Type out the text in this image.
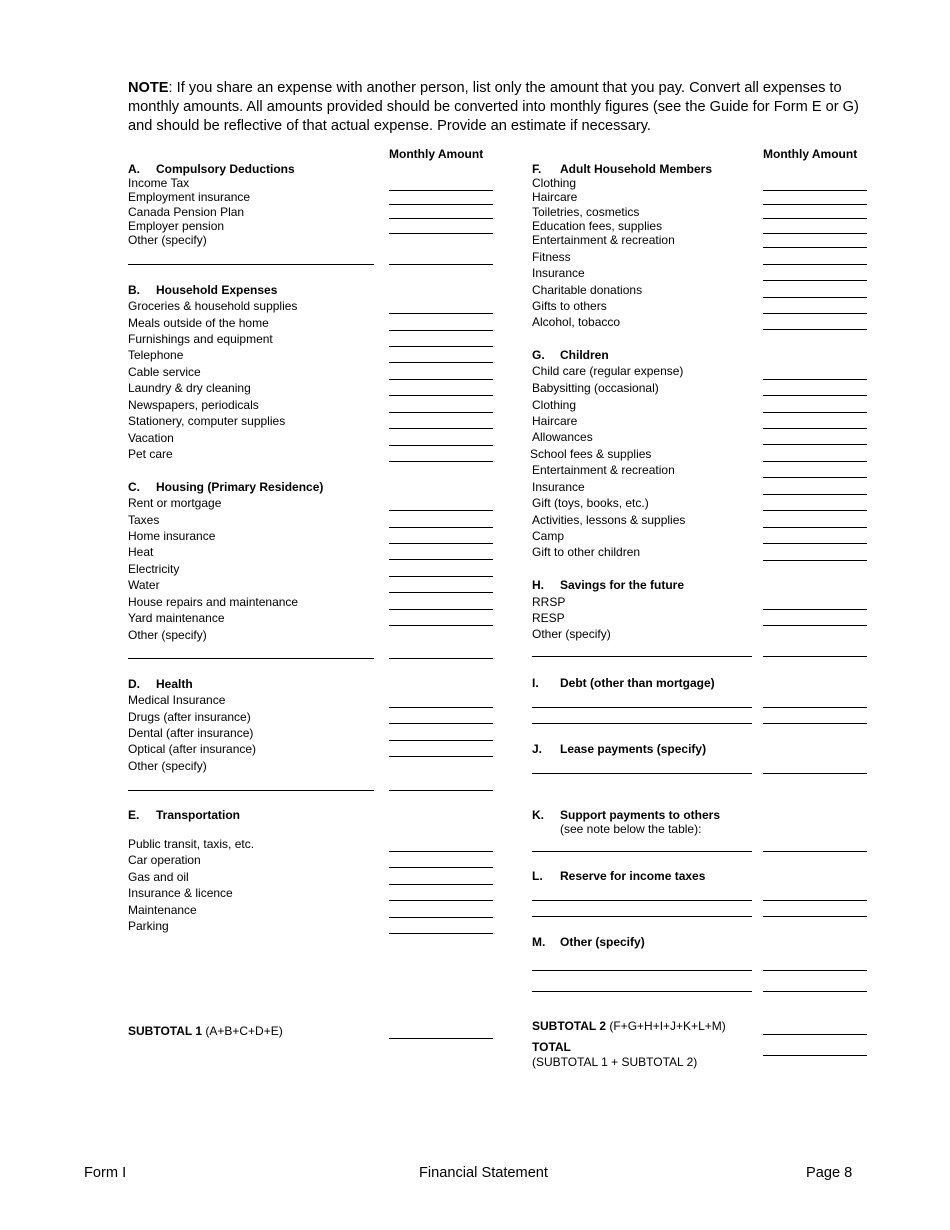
NOTE: If you share an expense with another person, list only the amount that you pay. Convert all expenses to monthly amounts. All amounts provided should be converted into monthly figures (see the Guide for Form E or G) and should be reflective of that actual expense. Provide an estimate if necessary.
Monthly Amount	Monthly Amount
A. Compulsory Deductions
Income Tax
Employment insurance
Canada Pension Plan
Employer pension
Other (specify)
B. Household Expenses
Groceries & household supplies
Meals outside of the home
Furnishings and equipment
Telephone
Cable service
Laundry & dry cleaning
Newspapers, periodicals
Stationery, computer supplies
Vacation
Pet care
C. Housing (Primary Residence)
Rent or mortgage
Taxes
Home insurance
Heat
Electricity
Water
House repairs and maintenance
Yard maintenance
Other (specify)
D. Health
Medical Insurance
Drugs (after insurance)
Dental (after insurance)
Optical (after insurance)
Other (specify)
E. Transportation
Public transit, taxis, etc.
Car operation
Gas and oil
Insurance & licence
Maintenance
Parking
SUBTOTAL 1 (A+B+C+D+E)
F. Adult Household Members
Clothing
Haircare
Toiletries, cosmetics
Education fees, supplies
Entertainment & recreation
Fitness
Insurance
Charitable donations
Gifts to others
Alcohol, tobacco
G. Children
Child care (regular expense)
Babysitting (occasional)
Clothing
Haircare
Allowances
School fees & supplies
Entertainment & recreation
Insurance
Gift (toys, books, etc.)
Activities, lessons & supplies
Camp
Gift to other children
H. Savings for the future
RRSP
RESP
Other (specify)
I. Debt (other than mortgage)
J. Lease payments (specify)
K. Support payments to others
(see note below the table):
L. Reserve for income taxes
M. Other (specify)
SUBTOTAL 2 (F+G+H+I+J+K+L+M)
TOTAL
(SUBTOTAL 1 + SUBTOTAL 2)
Form I	Financial Statement	Page 8
